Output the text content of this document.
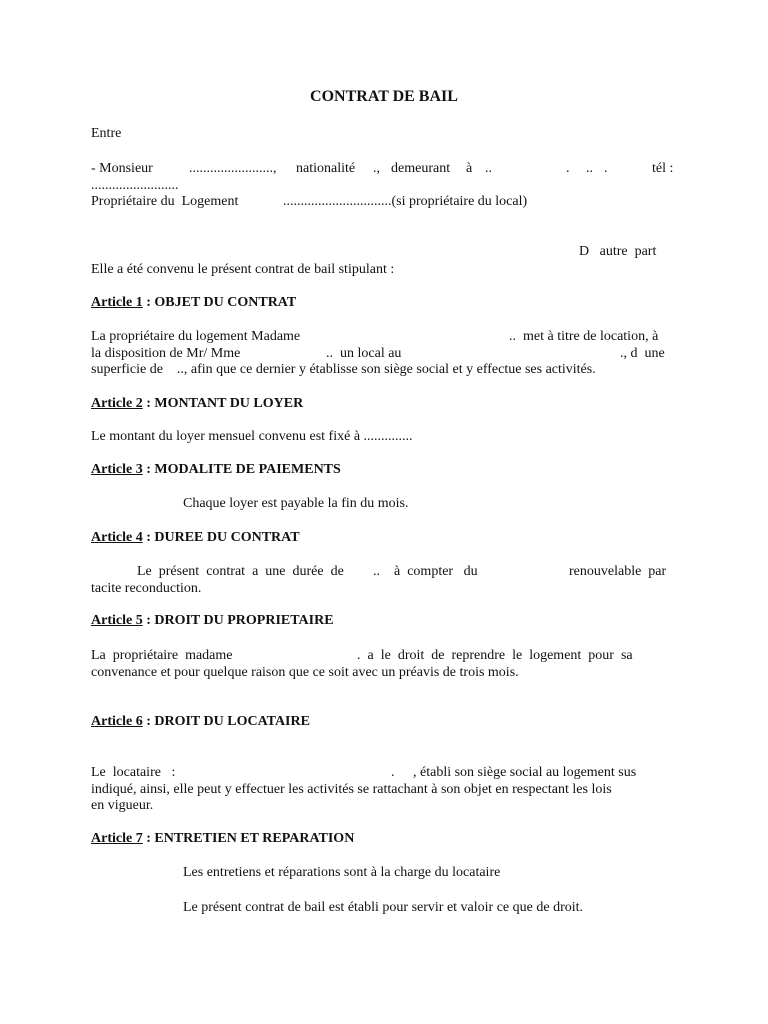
CONTRAT DE BAIL
Entre
- Monsieur	........................, nationalité ., demeurant à ..	. .. .	tél :
.........................
Propriétaire du  Logement	...............................(si propriétaire du local)
D   autre  part
Elle a été convenu le présent contrat de bail stipulant :
Article 1 : OBJET DU CONTRAT
La propriétaire du logement Madame	..  met à titre de location, à
la disposition de Mr/ Mme	..  un local au	., d  une
superficie de    .., afin que ce dernier y établisse son siège social et y effectue ses activités.
Article 2 : MONTANT DU LOYER
Le montant du loyer mensuel convenu est fixé à ..............
Article 3 : MODALITE DE PAIEMENTS
Chaque loyer est payable la fin du mois.
Article 4 : DUREE DU CONTRAT
Le  présent  contrat  a  une  durée  de .. à  compter   du	renouvelable  par
tacite reconduction.
Article 5 : DROIT DU PROPRIETAIRE
La  propriétaire  madame	.  a  le  droit  de  reprendre  le  logement  pour  sa
convenance et pour quelque raison que ce soit avec un préavis de trois mois.
Article 6 : DROIT DU LOCATAIRE
Le  locataire   :	. , établi son siège social au logement sus
indiqué, ainsi, elle peut y effectuer les activités se rattachant à son objet en respectant les lois
en vigueur.
Article 7 : ENTRETIEN ET REPARATION
Les entretiens et réparations sont à la charge du locataire
Le présent contrat de bail est établi pour servir et valoir ce que de droit.
